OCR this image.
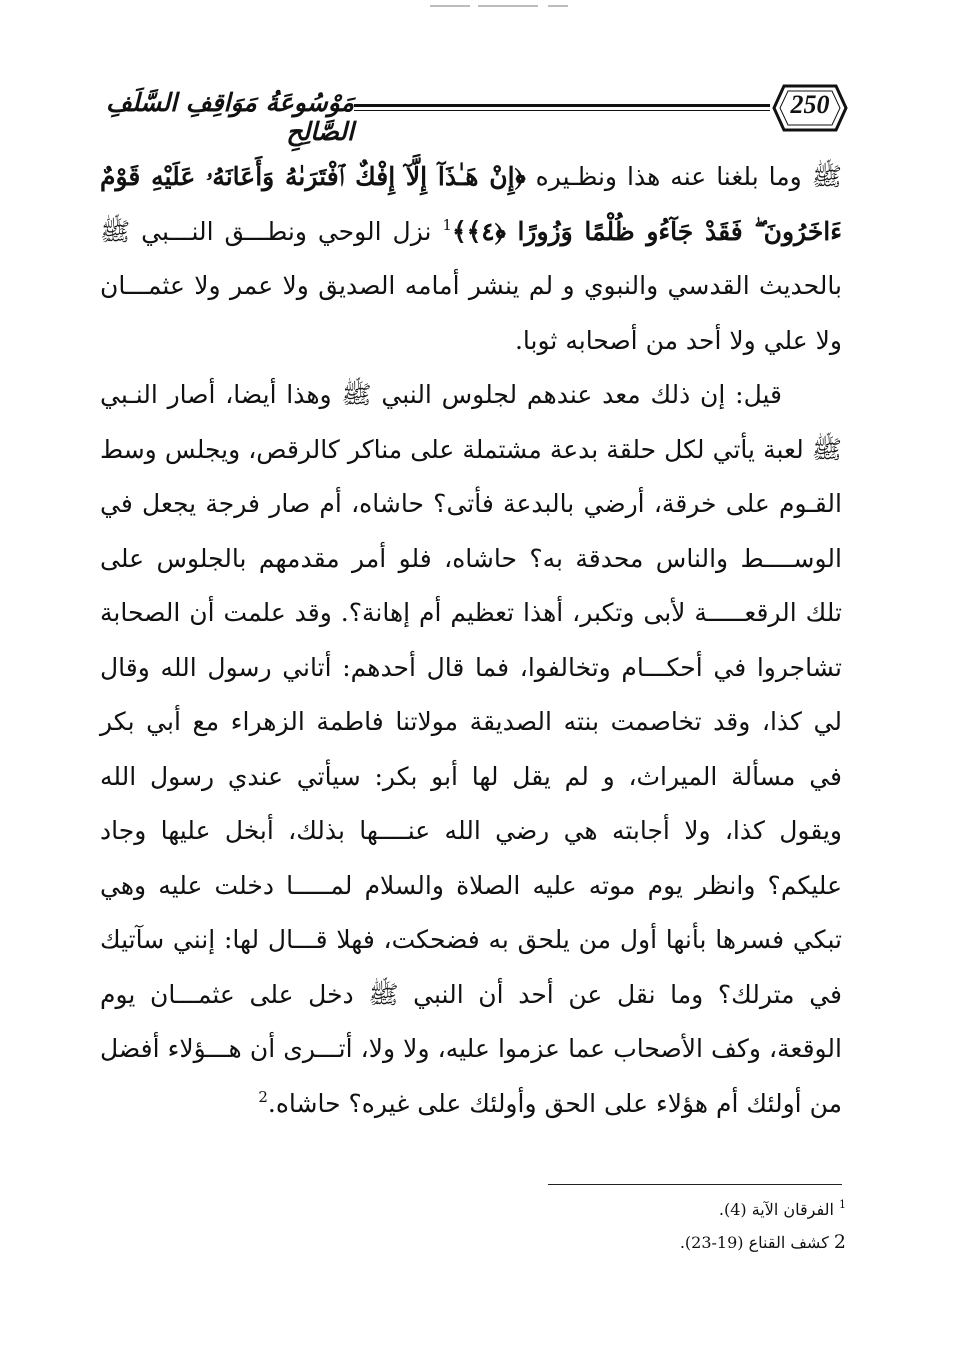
مَوْسُوعَةُ مَوَاقِفِ السَّلَفِ الصَّالِحِ
250

ﷺ وما بلغنا عنه هذا ونظـيره ﴿إِنْ هَـٰذَآ إِلَّآ إِفْكٌ ٱفْتَرَىٰهُ وَأَعَانَهُۥ عَلَيْهِ قَوْمٌ ءَاخَرُونَ ۖ فَقَدْ جَآءُو ظُلْمًا وَزُورًا ﴿٤﴾﴾$^1$ نزل الوحي ونطـــق النـــبي ﷺ بالحديث القدسي والنبوي و لم ينشر أمامه الصديق ولا عمر ولا عثمـــان ولا علي ولا أحد من أصحابه ثوبا.

قيل: إن ذلك معد عندهم لجلوس النبي ﷺ وهذا أيضا، أصار النـبي ﷺ لعبة يأتي لكل حلقة بدعة مشتملة على مناكر كالرقص، ويجلس وسط القـوم على خرقة، أرضي بالبدعة فأتى؟ حاشاه، أم صار فرجة يجعل في الوســــط والناس محدقة به؟ حاشاه، فلو أمر مقدمهم بالجلوس على تلك الرقعـــــة لأبى وتكبر، أهذا تعظيم أم إهانة؟. وقد علمت أن الصحابة تشاجروا في أحكـــام وتخالفوا، فما قال أحدهم: أتاني رسول الله وقال لي كذا، وقد تخاصمت بنته الصديقة مولاتنا فاطمة الزهراء مع أبي بكر في مسألة الميراث، و لم يقل لها أبو بكر: سيأتي عندي رسول الله ويقول كذا، ولا أجابته هي رضي الله عنــــها بذلك، أبخل عليها وجاد عليكم؟ وانظر يوم موته عليه الصلاة والسلام لمـــــا دخلت عليه وهي تبكي فسرها بأنها أول من يلحق به فضحكت، فهلا قـــال لها: إنني سآتيك في مترلك؟ وما نقل عن أحد أن النبي ﷺ دخل على عثمـــان يوم الوقعة، وكف الأصحاب عما عزموا عليه، ولا ولا، أتـــرى أن هـــؤلاء أفضل من أولئك أم هؤلاء على الحق وأولئك على غيره؟ حاشاه.$^2$

$^1$ الفرقان الآية (4).
2 كشف القناع (19-23).
